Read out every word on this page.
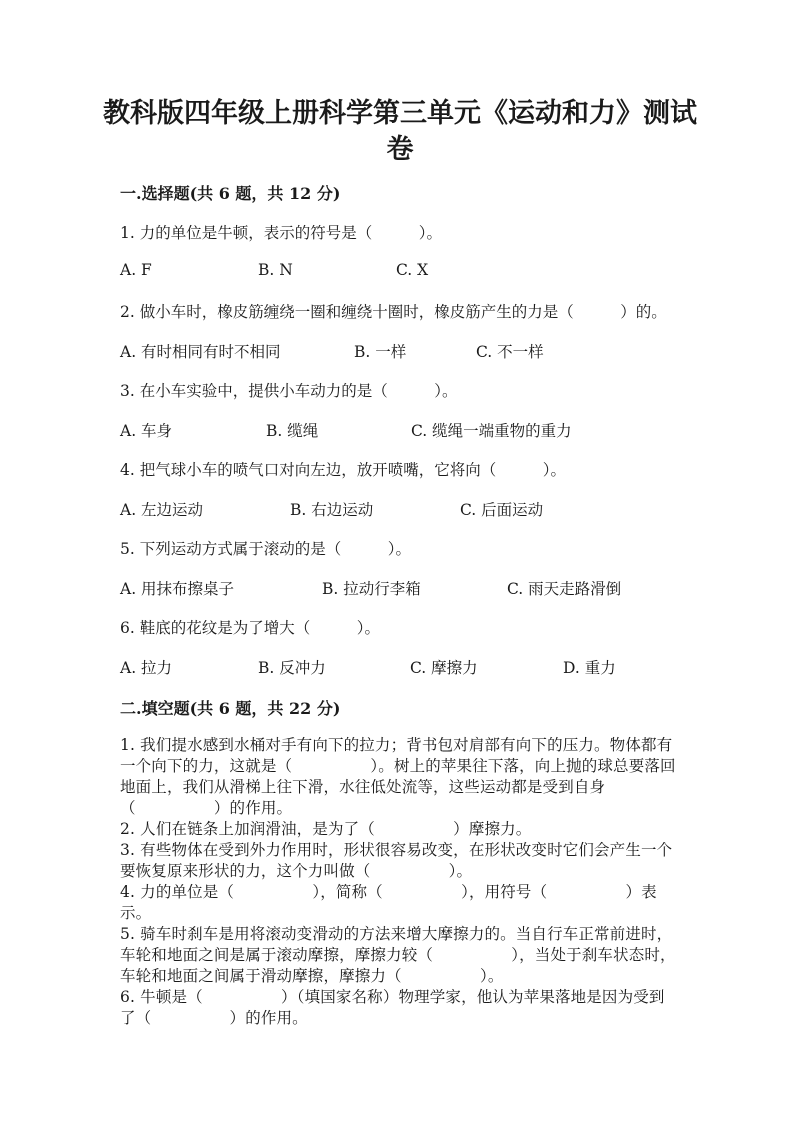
教科版四年级上册科学第三单元《运动和力》测试卷
一.选择题(共 6 题，共 12 分)
1. 力的单位是牛顿，表示的符号是（　　　）。
A. F	B. N	C. X
2. 做小车时，橡皮筋缠绕一圈和缠绕十圈时，橡皮筋产生的力是（　　　）的。
A. 有时相同有时不相同	B. 一样	C. 不一样
3. 在小车实验中，提供小车动力的是（　　　）。
A. 车身	B. 缆绳	C. 缆绳一端重物的重力
4. 把气球小车的喷气口对向左边，放开喷嘴，它将向（　　　）。
A. 左边运动	B. 右边运动	C. 后面运动
5. 下列运动方式属于滚动的是（　　　）。
A. 用抹布擦桌子	B. 拉动行李箱	C. 雨天走路滑倒
6. 鞋底的花纹是为了增大（　　　）。
A. 拉力	B. 反冲力	C. 摩擦力	D. 重力
二.填空题(共 6 题，共 22 分)

1. 我们提水感到水桶对手有向下的拉力；背书包对肩部有向下的压力。物体都有一个向下的力，这就是（　　　　　）。树上的苹果往下落，向上抛的球总要落回地面上，我们从滑梯上往下滑，水往低处流等，这些运动都是受到自身（　　　　　）的作用。

2. 人们在链条上加润滑油，是为了（　　　　　）摩擦力。

3. 有些物体在受到外力作用时，形状很容易改变，在形状改变时它们会产生一个要恢复原来形状的力，这个力叫做（　　　　　）。

4. 力的单位是（　　　　　），简称（　　　　　），用符号（　　　　　）表示。

5. 骑车时刹车是用将滚动变滑动的方法来增大摩擦力的。当自行车正常前进时，车轮和地面之间是属于滚动摩擦，摩擦力较（　　　　　），当处于刹车状态时，车轮和地面之间属于滑动摩擦，摩擦力（　　　　　）。

6. 牛顿是（　　　　　）（填国家名称）物理学家，他认为苹果落地是因为受到了（　　　　　）的作用。
